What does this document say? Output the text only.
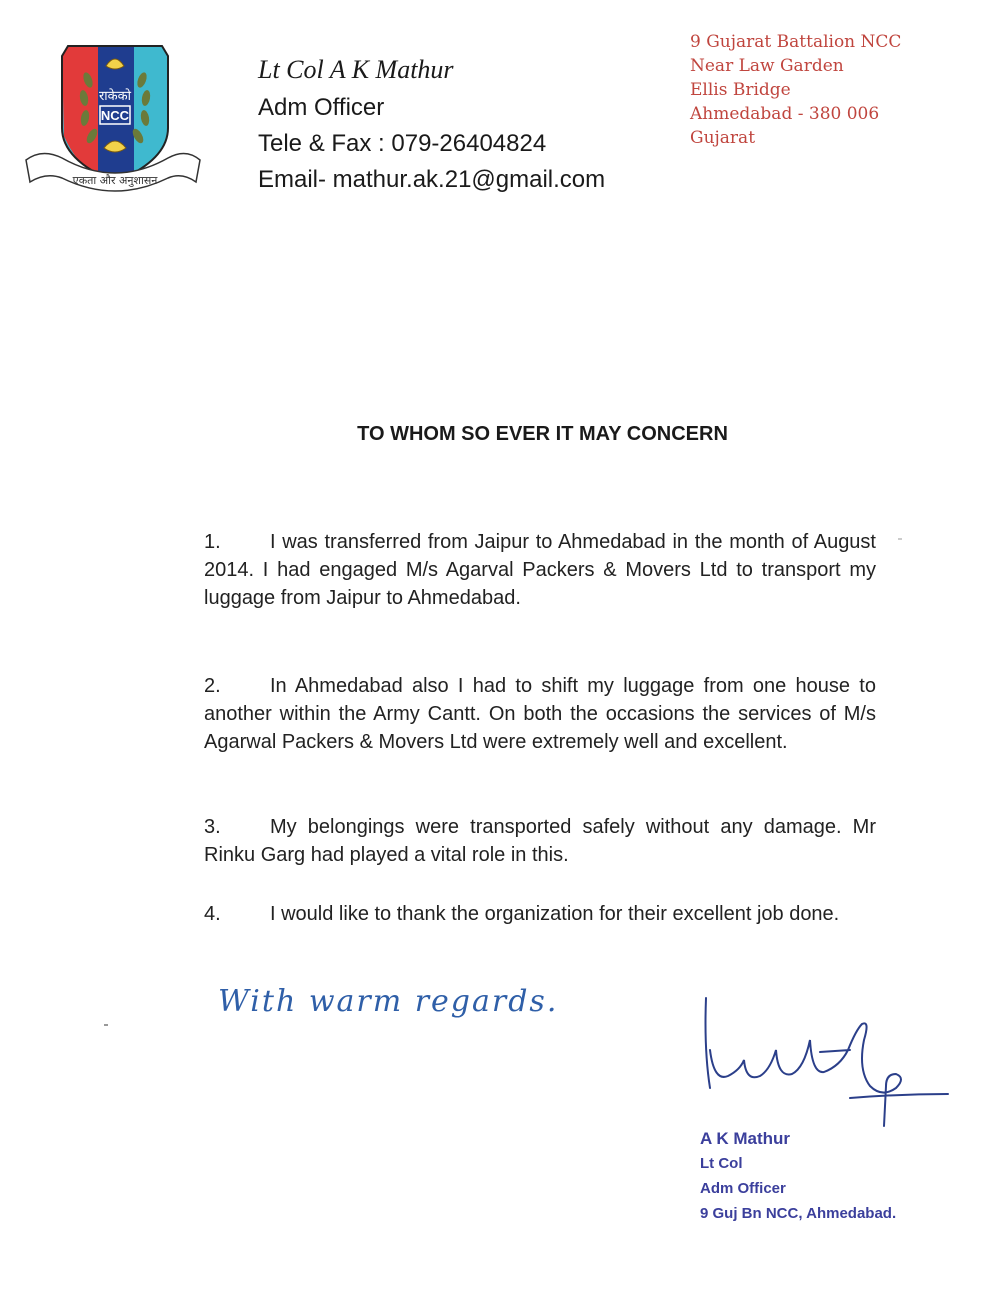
राकेको
NCC
एकता और अनुशासन
Lt Col A K Mathur
Adm Officer
Tele & Fax : 079-26404824
Email- mathur.ak.21@gmail.com
9 Gujarat Battalion NCC
Near Law Garden
Ellis Bridge
Ahmedabad - 380 006
Gujarat
TO WHOM SO EVER IT MAY CONCERN
1. I was transferred from Jaipur to Ahmedabad in the month of August 2014. I had engaged M/s Agarval Packers & Movers Ltd to transport my luggage from Jaipur to Ahmedabad.
2. In Ahmedabad also I had to shift my luggage from one house to another within the Army Cantt. On both the occasions the services of M/s Agarwal Packers & Movers Ltd were extremely well and excellent.
3. My belongings were transported safely without any damage. Mr Rinku Garg had played a vital role in this.
4. I would like to thank the organization for their excellent job done.
With warm regards.
A K Mathur
Lt Col
Adm Officer
9 Guj Bn NCC, Ahmedabad.
